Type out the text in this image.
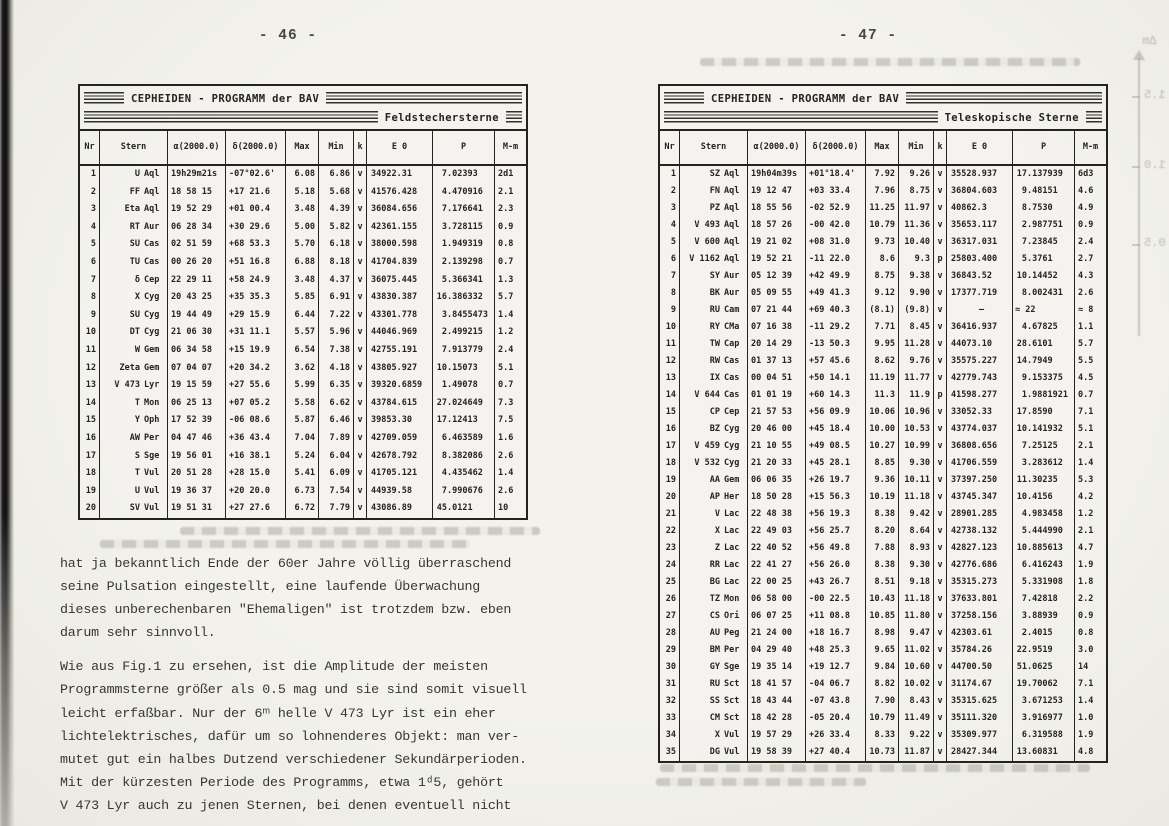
- 46 -	- 47 -
CEPHEIDEN - PROGRAMM der BAV
Feldstechersterne
Nr	Stern	α(2000.0)	δ(2000.0)	Max	Min	k	E 0	P	M-m
1	U Aql	19h29m21s	-07°02.6'	6.08	6.86 v 34922.31	7.02393	2d1
2	FF Aql	18 58 15	+17 21.6	5.18	5.68 v 41576.428	4.470916	2.1
3	Eta Aql	19 52 29	+01 00.4	3.48	4.39 v 36084.656	7.176641	2.3
4	RT Aur	06 28 34	+30 29.6	5.00	5.82 v 42361.155	3.728115	0.9
5	SU Cas	02 51 59	+68 53.3	5.70	6.18 v 38000.598	1.949319	0.8
6	TU Cas	00 26 20	+51 16.8	6.88	8.18 v 41704.839	2.139298	0.7
7	δ Cep	22 29 11	+58 24.9	3.48	4.37 v 36075.445	5.366341	1.3
8	X Cyg	20 43 25	+35 35.3	5.85	6.91 v 43830.387	16.386332	5.7
9	SU Cyg	19 44 49	+29 15.9	6.44	7.22 v 43301.778	3.8455473	1.4
10	DT Cyg	21 06 30	+31 11.1	5.57	5.96 v 44046.969	2.499215	1.2
11	W Gem	06 34 58	+15 19.9	6.54	7.38 v 42755.191	7.913779	2.4
12	Zeta Gem	07 04 07	+20 34.2	3.62	4.18 v 43805.927	10.15073	5.1
13	V 473 Lyr	19 15 59	+27 55.6	5.99	6.35 v 39320.6859	1.49078	0.7
14	T Mon	06 25 13	+07 05.2	5.58	6.62 v 43784.615	27.024649	7.3
15	Y Oph	17 52 39	-06 08.6	5.87	6.46 v 39853.30	17.12413	7.5
16	AW Per	04 47 46	+36 43.4	7.04	7.89 v 42709.059	6.463589	1.6
17	S Sge	19 56 01	+16 38.1	5.24	6.04 v 42678.792	8.382086	2.6
18	T Vul	20 51 28	+28 15.0	5.41	6.09 v 41705.121	4.435462	1.4
19	U Vul	19 36 37	+20 20.0	6.73	7.54 v 44939.58	7.990676	2.6
20	SV Vul	19 51 31	+27 27.6	6.72	7.79 v 43086.89	45.0121	10
hat ja bekanntlich Ende der 60er Jahre völlig überraschend
seine Pulsation eingestellt, eine laufende Überwachung
dieses unberechenbaren "Ehemaligen" ist trotzdem bzw. eben
darum sehr sinnvoll.
Wie aus Fig.1 zu ersehen, ist die Amplitude der meisten
Programmsterne größer als 0.5 mag und sie sind somit visuell
leicht erfaßbar. Nur der 6ᵐ helle V 473 Lyr ist ein eher
lichtelektrisches, dafür um so lohnenderes Objekt: man ver-
mutet gut ein halbes Dutzend verschiedener Sekundärperioden.
Mit der kürzesten Periode des Programms, etwa 1ᵈ5, gehört
V 473 Lyr auch zu jenen Sternen, bei denen eventuell nicht
CEPHEIDEN - PROGRAMM der BAV
Teleskopische Sterne
Nr	Stern	α(2000.0)	δ(2000.0)	Max	Min	k	E 0	P	M-m
1	SZ Aql	19h04m39s	+01°18.4'	7.92	9.26 v 35528.937	17.137939	6d3
2	FN Aql	19 12 47	+03 33.4	7.96	8.75 v 36804.603	9.48151	4.6
3	PZ Aql	18 55 56	-02 52.9	11.25	11.97 v 40862.3	8.7530	4.9
4	V 493 Aql	18 57 26	-00 42.0	10.79	11.36 v 35653.117	2.987751	0.9
5	V 600 Aql	19 21 02	+08 31.0	9.73	10.40 v 36317.031	7.23845	2.4
6	V 1162 Aql	19 52 21	-11 22.0	8.6	9.3 p 25803.400	5.3761	2.7
7	SY Aur	05 12 39	+42 49.9	8.75	9.38 v 36843.52	10.14452	4.3
8	BK Aur	05 09 55	+49 41.3	9.12	9.90 v 17377.719	8.002431	2.6
9	RU Cam	07 21 44	+69 40.3	(8.1)	(9.8) v	–	≈ 22	≈ 8
10	RY CMa	07 16 38	-11 29.2	7.71	8.45 v 36416.937	4.67825	1.1
11	TW Cap	20 14 29	-13 50.3	9.95	11.28 v 44073.10	28.6101	5.7
12	RW Cas	01 37 13	+57 45.6	8.62	9.76 v 35575.227	14.7949	5.5
13	IX Cas	00 04 51	+50 14.1	11.19	11.77 v 42779.743	9.153375	4.5
14	V 644 Cas	01 01 19	+60 14.3	11.3	11.9 p 41598.277	1.9881921	0.7
15	CP Cep	21 57 53	+56 09.9	10.06	10.96 v 33052.33	17.8590	7.1
16	BZ Cyg	20 46 00	+45 18.4	10.00	10.53 v 43774.037	10.141932	5.1
17	V 459 Cyg	21 10 55	+49 08.5	10.27	10.99 v 36808.656	7.25125	2.1
18	V 532 Cyg	21 20 33	+45 28.1	8.85	9.30 v 41706.559	3.283612	1.4
19	AA Gem	06 06 35	+26 19.7	9.36	10.11 v 37397.250	11.30235	5.3
20	AP Her	18 50 28	+15 56.3	10.19	11.18 v 43745.347	10.4156	4.2
21	V Lac	22 48 38	+56 19.3	8.38	9.42 v 28901.285	4.983458	1.2
22	X Lac	22 49 03	+56 25.7	8.20	8.64 v 42738.132	5.444990	2.1
23	Z Lac	22 40 52	+56 49.8	7.88	8.93 v 42827.123	10.885613	4.7
24	RR Lac	22 41 27	+56 26.0	8.38	9.30 v 42776.686	6.416243	1.9
25	BG Lac	22 00 25	+43 26.7	8.51	9.18 v 35315.273	5.331908	1.8
26	TZ Mon	06 58 00	-00 22.5	10.43	11.18 v 37633.801	7.42818	2.2
27	CS Ori	06 07 25	+11 08.8	10.85	11.80 v 37258.156	3.88939	0.9
28	AU Peg	21 24 00	+18 16.7	8.98	9.47 v 42303.61	2.4015	0.8
29	BM Per	04 29 40	+48 25.3	9.65	11.02 v 35784.26	22.9519	3.0
30	GY Sge	19 35 14	+19 12.7	9.84	10.60 v 44700.50	51.0625	14
31	RU Sct	18 41 57	-04 06.7	8.82	10.02 v 31174.67	19.70062	7.1
32	SS Sct	18 43 44	-07 43.8	7.90	8.43 v 35315.625	3.671253	1.4
33	CM Sct	18 42 28	-05 20.4	10.79	11.49 v 35111.320	3.916977	1.0
34	X Vul	19 57 29	+26 33.4	8.33	9.22 v 35309.977	6.319588	1.9
35	DG Vul	19 58 39	+27 40.4	10.73	11.87 v 28427.344	13.60831	4.8
Δm
1.5
1.0
0.5
